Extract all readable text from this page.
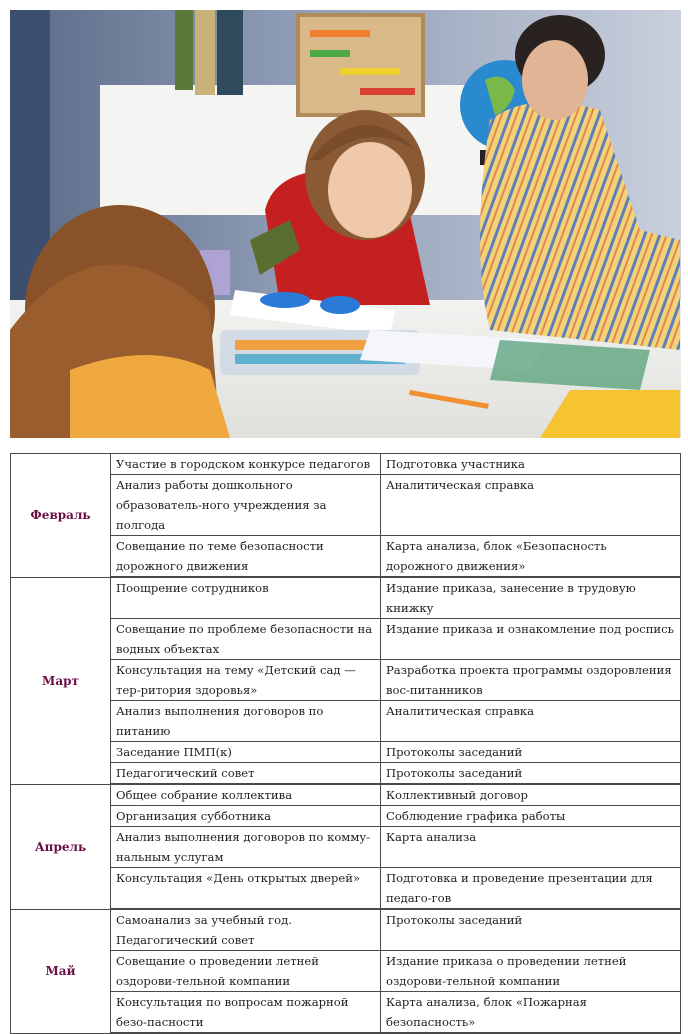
Февраль	Участие в городском конкурсе педагогов	Подготовка участника
	Анализ работы дошкольного образователь-ного учреждения за полгода	Аналитическая справка
	Совещание по теме безопасности дорожного движения	Карта анализа, блок «Безопасность дорожного движения»
Март	Поощрение сотрудников	Издание приказа, занесение в трудовую книжку
	Совещание по проблеме безопасности на водных объектах	Издание приказа и ознакомление под роспись
	Консультация на тему «Детский сад — тер-ритория здоровья»	Разработка проекта программы оздоровления вос-питанников
	Анализ выполнения договоров по питанию	Аналитическая справка
	Заседание ПМП(к)	Протоколы заседаний
	Педагогический совет	Протоколы заседаний
Апрель	Общее собрание коллектива	Коллективный договор
	Организация субботника	Соблюдение графика работы
	Анализ выполнения договоров по комму-нальным услугам	Карта анализа
	Консультация «День открытых дверей»	Подготовка и проведение презентации для педаго-гов
Май	Самоанализ за учебный год. Педагогический совет	Протоколы заседаний
	Совещание о проведении летней оздорови-тельной компании	Издание приказа о проведении летней оздорови-тельной компании
	Консультация по вопросам пожарной безо-пасности	Карта анализа, блок «Пожарная безопасность»
